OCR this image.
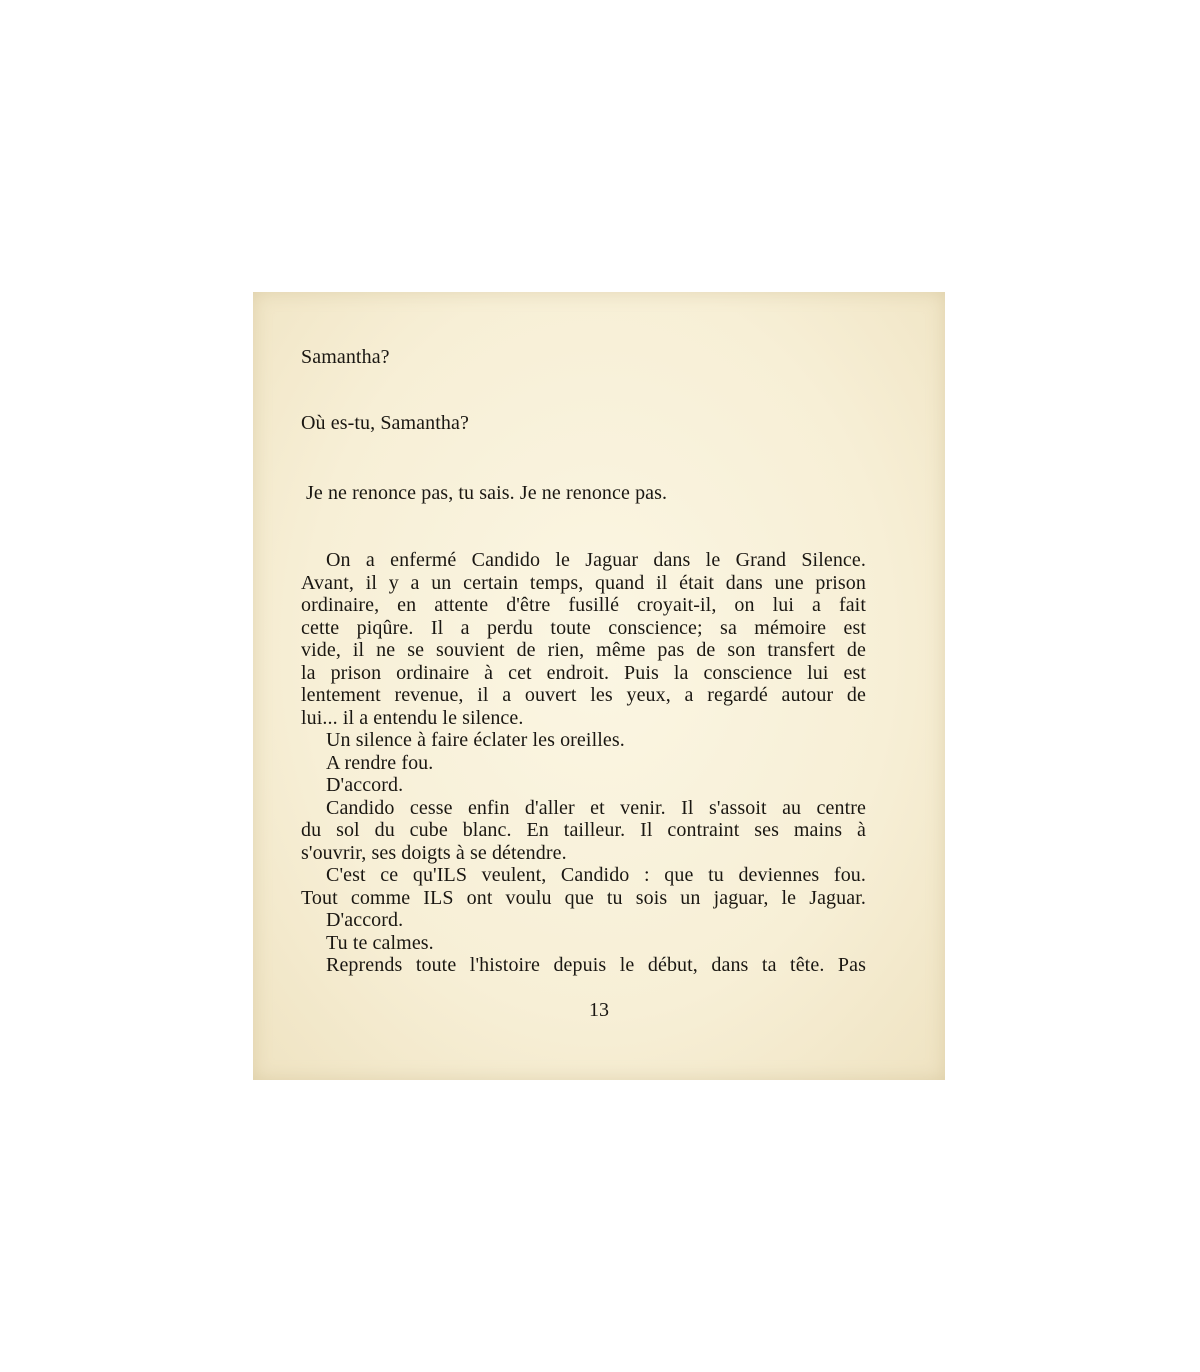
Samantha?
Où es-tu, Samantha?
Je ne renonce pas, tu sais. Je ne renonce pas.
On a enfermé Candido le Jaguar dans le Grand Silence.
Avant, il y a un certain temps, quand il était dans une prison
ordinaire, en attente d'être fusillé croyait-il, on lui a fait
cette piqûre. Il a perdu toute conscience; sa mémoire est
vide, il ne se souvient de rien, même pas de son transfert de
la prison ordinaire à cet endroit. Puis la conscience lui est
lentement revenue, il a ouvert les yeux, a regardé autour de
lui... il a entendu le silence.
Un silence à faire éclater les oreilles.
A rendre fou.
D'accord.
Candido cesse enfin d'aller et venir. Il s'assoit au centre
du sol du cube blanc. En tailleur. Il contraint ses mains à
s'ouvrir, ses doigts à se détendre.
C'est ce qu'ILS veulent, Candido : que tu deviennes fou.
Tout comme ILS ont voulu que tu sois un jaguar, le Jaguar.
D'accord.
Tu te calmes.
Reprends toute l'histoire depuis le début, dans ta tête. Pas
13
